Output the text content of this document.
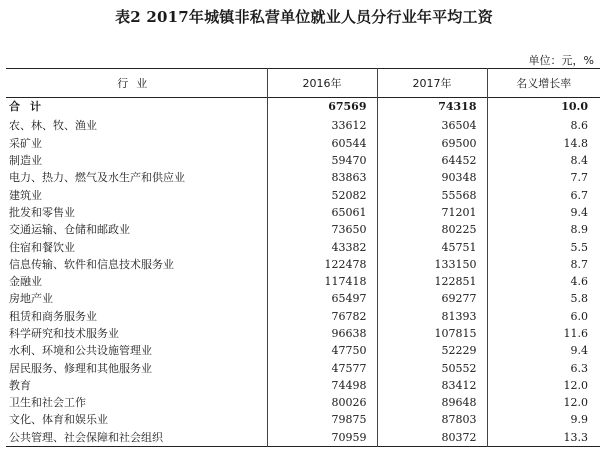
表2 2017年城镇非私营单位就业人员分行业年平均工资
单位：元，%
行业	2016年	2017年	名义增长率
合计	67569	74318	10.0
农、林、牧、渔业	33612	36504	8.6
采矿业	60544	69500	14.8
制造业	59470	64452	8.4
电力、热力、燃气及水生产和供应业	83863	90348	7.7
建筑业	52082	55568	6.7
批发和零售业	65061	71201	9.4
交通运输、仓储和邮政业	73650	80225	8.9
住宿和餐饮业	43382	45751	5.5
信息传输、软件和信息技术服务业	122478	133150	8.7
金融业	117418	122851	4.6
房地产业	65497	69277	5.8
租赁和商务服务业	76782	81393	6.0
科学研究和技术服务业	96638	107815	11.6
水利、环境和公共设施管理业	47750	52229	9.4
居民服务、修理和其他服务业	47577	50552	6.3
教育	74498	83412	12.0
卫生和社会工作	80026	89648	12.0
文化、体育和娱乐业	79875	87803	9.9
公共管理、社会保障和社会组织	70959	80372	13.3
